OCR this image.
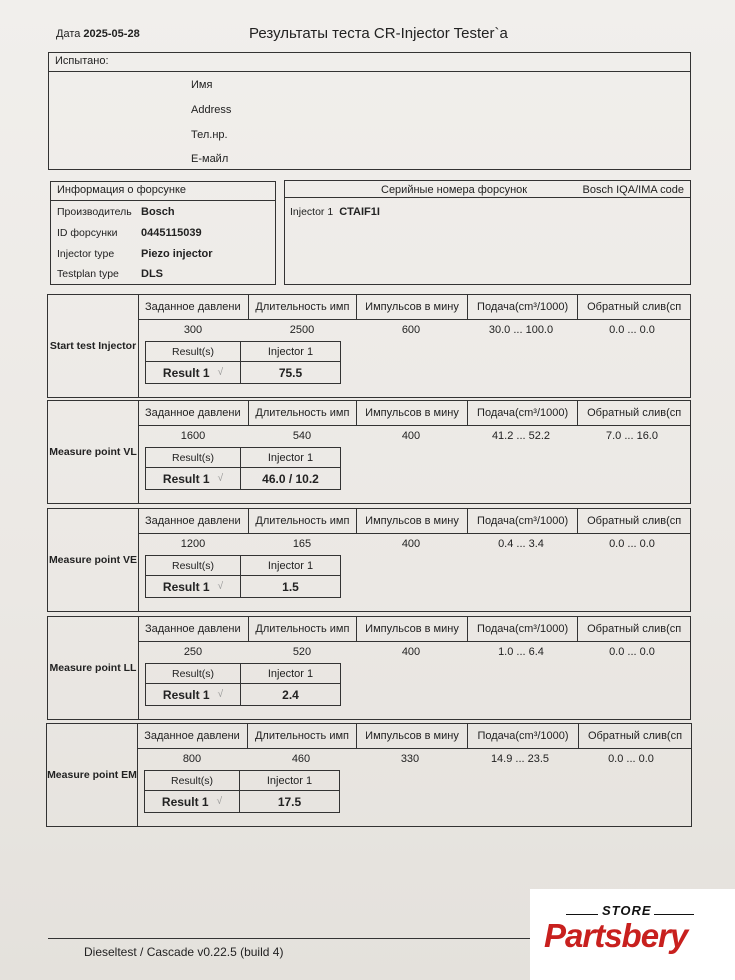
Дата 2025-05-28	Результаты теста CR-Injector Tester`a
Испытано:
Имя
Address
Тел.нр.
E-майл
Информация о форсунке
Производитель Bosch
ID форсунки 0445115039
Injector type Piezo injector
Testplan type DLS
Серийные номера форсунок	Bosch IQA/IMA code
Injector 1 CTAIF1I
Start test Injector
Заданное давлени	Длительность имп	Импульсов в мину	Подача(cm³/1000)	Обратный слив(сп
300	2500	600	30.0 ... 100.0	0.0 ... 0.0
Result(s)	Injector 1
Result 1 √	75.5
Measure point VL
Заданное давлени	Длительность имп	Импульсов в мину	Подача(cm³/1000)	Обратный слив(сп
1600	540	400	41.2 ... 52.2	7.0 ... 16.0
Result(s)	Injector 1
Result 1 √	46.0 / 10.2
Measure point VE
Заданное давлени	Длительность имп	Импульсов в мину	Подача(cm³/1000)	Обратный слив(сп
1200	165	400	0.4 ... 3.4	0.0 ... 0.0
Result(s)	Injector 1
Result 1 √	1.5
Measure point LL
Заданное давлени	Длительность имп	Импульсов в мину	Подача(cm³/1000)	Обратный слив(сп
250	520	400	1.0 ... 6.4	0.0 ... 0.0
Result(s)	Injector 1
Result 1 √	2.4
Measure point EM
Заданное давлени	Длительность имп	Импульсов в мину	Подача(cm³/1000)	Обратный слив(сп
800	460	330	14.9 ... 23.5	0.0 ... 0.0
Result(s)	Injector 1
Result 1 √	17.5
Dieseltest / Cascade v0.22.5 (build 4)
STORE
Partsbery
